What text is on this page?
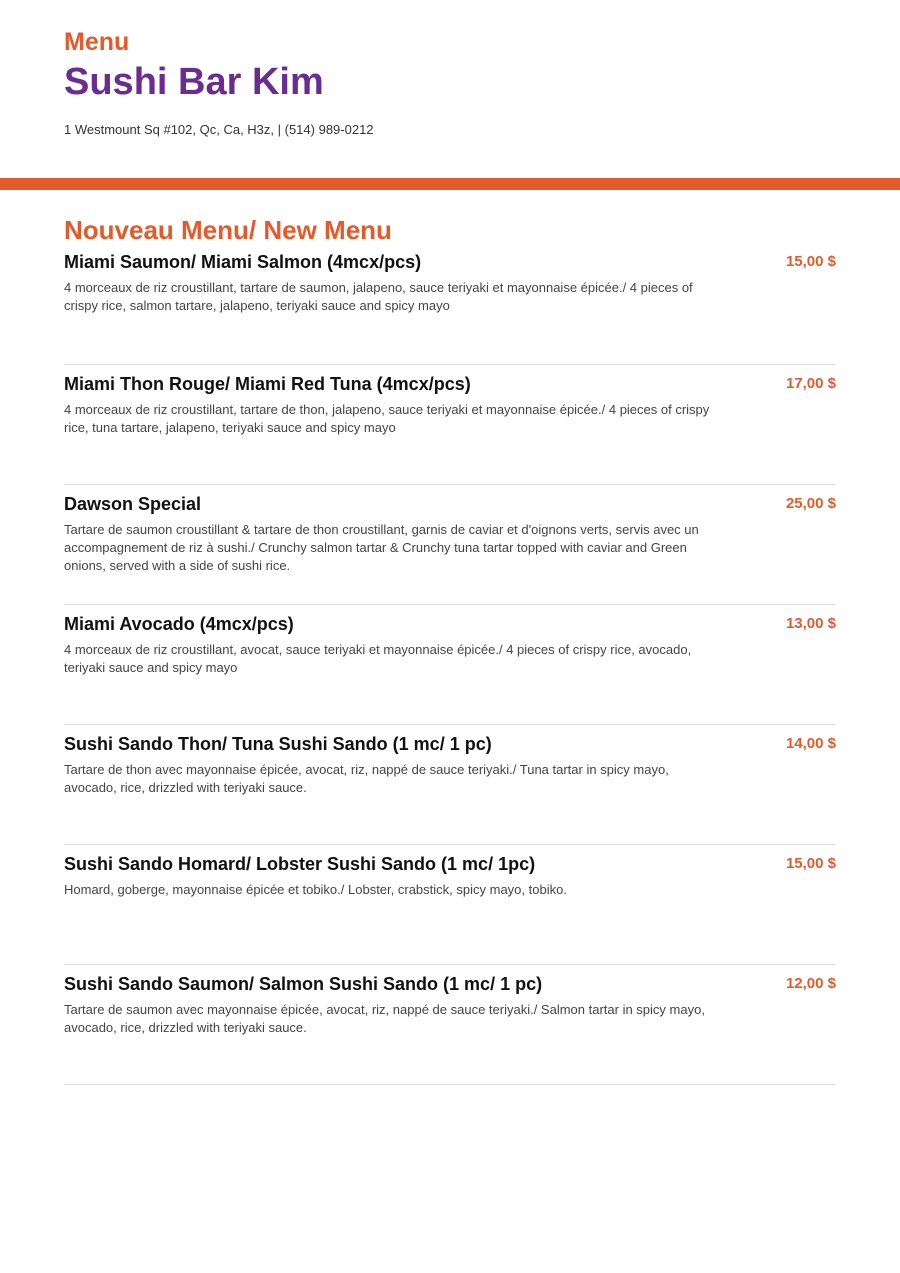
Menu
Sushi Bar Kim
1 Westmount Sq #102, Qc, Ca, H3z, | (514) 989-0212
Nouveau Menu/ New Menu
Miami Saumon/ Miami Salmon (4mcx/pcs)	15,00 $
4 morceaux de riz croustillant, tartare de saumon, jalapeno, sauce teriyaki et mayonnaise épicée./ 4 pieces of crispy rice, salmon tartare, jalapeno, teriyaki sauce and spicy mayo
Miami Thon Rouge/ Miami Red Tuna (4mcx/pcs)	17,00 $
4 morceaux de riz croustillant, tartare de thon, jalapeno, sauce teriyaki et mayonnaise épicée./ 4 pieces of crispy rice, tuna tartare, jalapeno, teriyaki sauce and spicy mayo
Dawson Special	25,00 $
Tartare de saumon croustillant & tartare de thon croustillant, garnis de caviar et d'oignons verts, servis avec un accompagnement de riz à sushi./ Crunchy salmon tartar & Crunchy tuna tartar topped with caviar and Green onions, served with a side of sushi rice.
Miami Avocado (4mcx/pcs)	13,00 $
4 morceaux de riz croustillant, avocat, sauce teriyaki et mayonnaise épicée./ 4 pieces of crispy rice, avocado, teriyaki sauce and spicy mayo
Sushi Sando Thon/ Tuna Sushi Sando (1 mc/ 1 pc)	14,00 $
Tartare de thon avec mayonnaise épicée, avocat, riz, nappé de sauce teriyaki./ Tuna tartar in spicy mayo, avocado, rice, drizzled with teriyaki sauce.
Sushi Sando Homard/ Lobster Sushi Sando (1 mc/ 1pc)	15,00 $
Homard, goberge, mayonnaise épicée et tobiko./ Lobster, crabstick, spicy mayo, tobiko.
Sushi Sando Saumon/ Salmon Sushi Sando (1 mc/ 1 pc)	12,00 $
Tartare de saumon avec mayonnaise épicée, avocat, riz, nappé de sauce teriyaki./ Salmon tartar in spicy mayo, avocado, rice, drizzled with teriyaki sauce.
